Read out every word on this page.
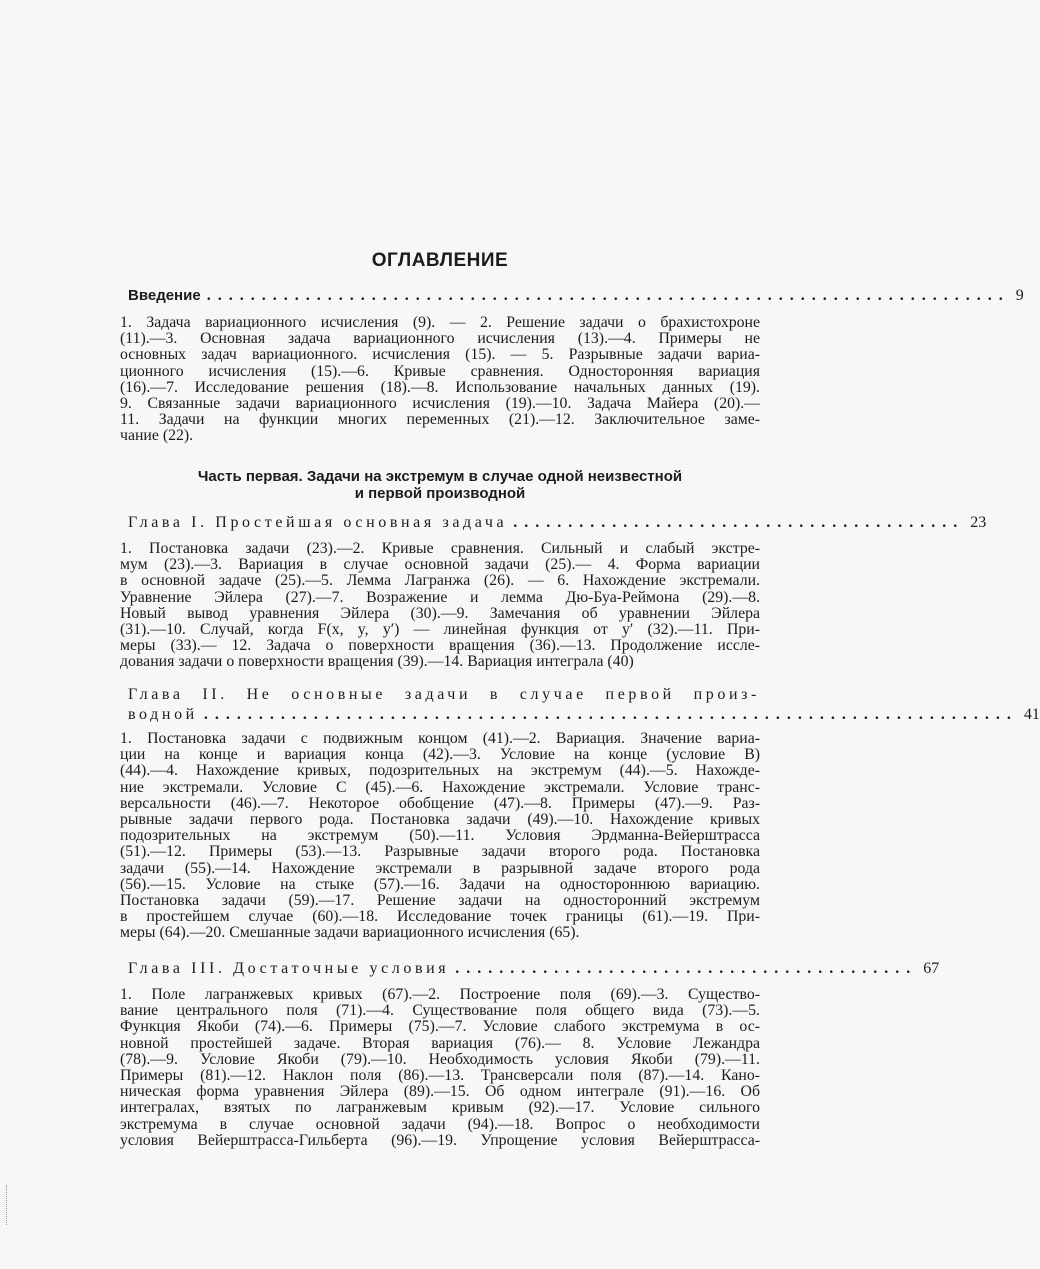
ОГЛАВЛЕНИЕ
Введение ......................................................................... 9
1. Задача вариационного исчисления (9). — 2. Решение задачи о брахистохроне
(11).—3. Основная задача вариационного исчисления (13).—4. Примеры не
основных задач вариационного. исчисления (15). — 5. Разрывные задачи вариа-
ционного исчисления (15).—6. Кривые сравнения. Односторонняя вариация
(16).—7. Исследование решения (18).—8. Использование начальных данных (19).
9. Связанные задачи вариационного исчисления (19).—10. Задача Майера (20).—
11. Задачи на функции многих переменных (21).—12. Заключительное заме-
чание (22).
Часть первая. Задачи на экстремум в случае одной неизвестной
и первой производной
Глава I. Простейшая основная задача ......................................... 23
1. Постановка задачи (23).—2. Кривые сравнения. Сильный и слабый экстре-
мум (23).—3. Вариация в случае основной задачи (25).— 4. Форма вариации
в основной задаче (25).—5. Лемма Лагранжа (26). — 6. Нахождение экстремали.
Уравнение Эйлера (27).—7. Возражение и лемма Дю-Буа-Реймона (29).—8.
Новый вывод уравнения Эйлера (30).—9. Замечания об уравнении Эйлера
(31).—10. Случай, когда F(x, y, y′) — линейная функция от y′ (32).—11. При-
меры (33).— 12. Задача о поверхности вращения (36).—13. Продолжение иссле-
дования задачи о поверхности вращения (39).—14. Вариация интеграла (40)
Глава II. Не основные задачи в случае первой произ-
водной .......................................................................... 41
1. Постановка задачи с подвижным концом (41).—2. Вариация. Значение вариа-
ции на конце и вариация конца (42).—3. Условие на конце (условие B)
(44).—4. Нахождение кривых, подозрительных на экстремум (44).—5. Нахожде-
ние экстремали. Условие C (45).—6. Нахождение экстремали. Условие транс-
версальности (46).—7. Некоторое обобщение (47).—8. Примеры (47).—9. Раз-
рывные задачи первого рода. Постановка задачи (49).—10. Нахождение кривых
подозрительных на экстремум (50).—11. Условия Эрдманна-Вейерштрасса
(51).—12. Примеры (53).—13. Разрывные задачи второго рода. Постановка
задачи (55).—14. Нахождение экстремали в разрывной задаче второго рода
(56).—15. Условие на стыке (57).—16. Задачи на одностороннюю вариацию.
Постановка задачи (59).—17. Решение задачи на односторонний экстремум
в простейшем случае (60).—18. Исследование точек границы (61).—19. При-
меры (64).—20. Смешанные задачи вариационного исчисления (65).
Глава III. Достаточные условия .......................................... 67
1. Поле лагранжевых кривых (67).—2. Построение поля (69).—3. Существо-
вание центрального поля (71).—4. Существование поля общего вида (73).—5.
Функция Якоби (74).—6. Примеры (75).—7. Условие слабого экстремума в ос-
новной простейшей задаче. Вторая вариация (76).— 8. Условие Лежандра
(78).—9. Условие Якоби (79).—10. Необходимость условия Якоби (79).—11.
Примеры (81).—12. Наклон поля (86).—13. Трансверсали поля (87).—14. Кано-
ническая форма уравнения Эйлера (89).—15. Об одном интеграле (91).—16. Об
интегралах, взятых по лагранжевым кривым (92).—17. Условие сильного
экстремума в случае основной задачи (94).—18. Вопрос о необходимости
условия Вейерштрасса-Гильберта (96).—19. Упрощение условия Вейерштрасса-
